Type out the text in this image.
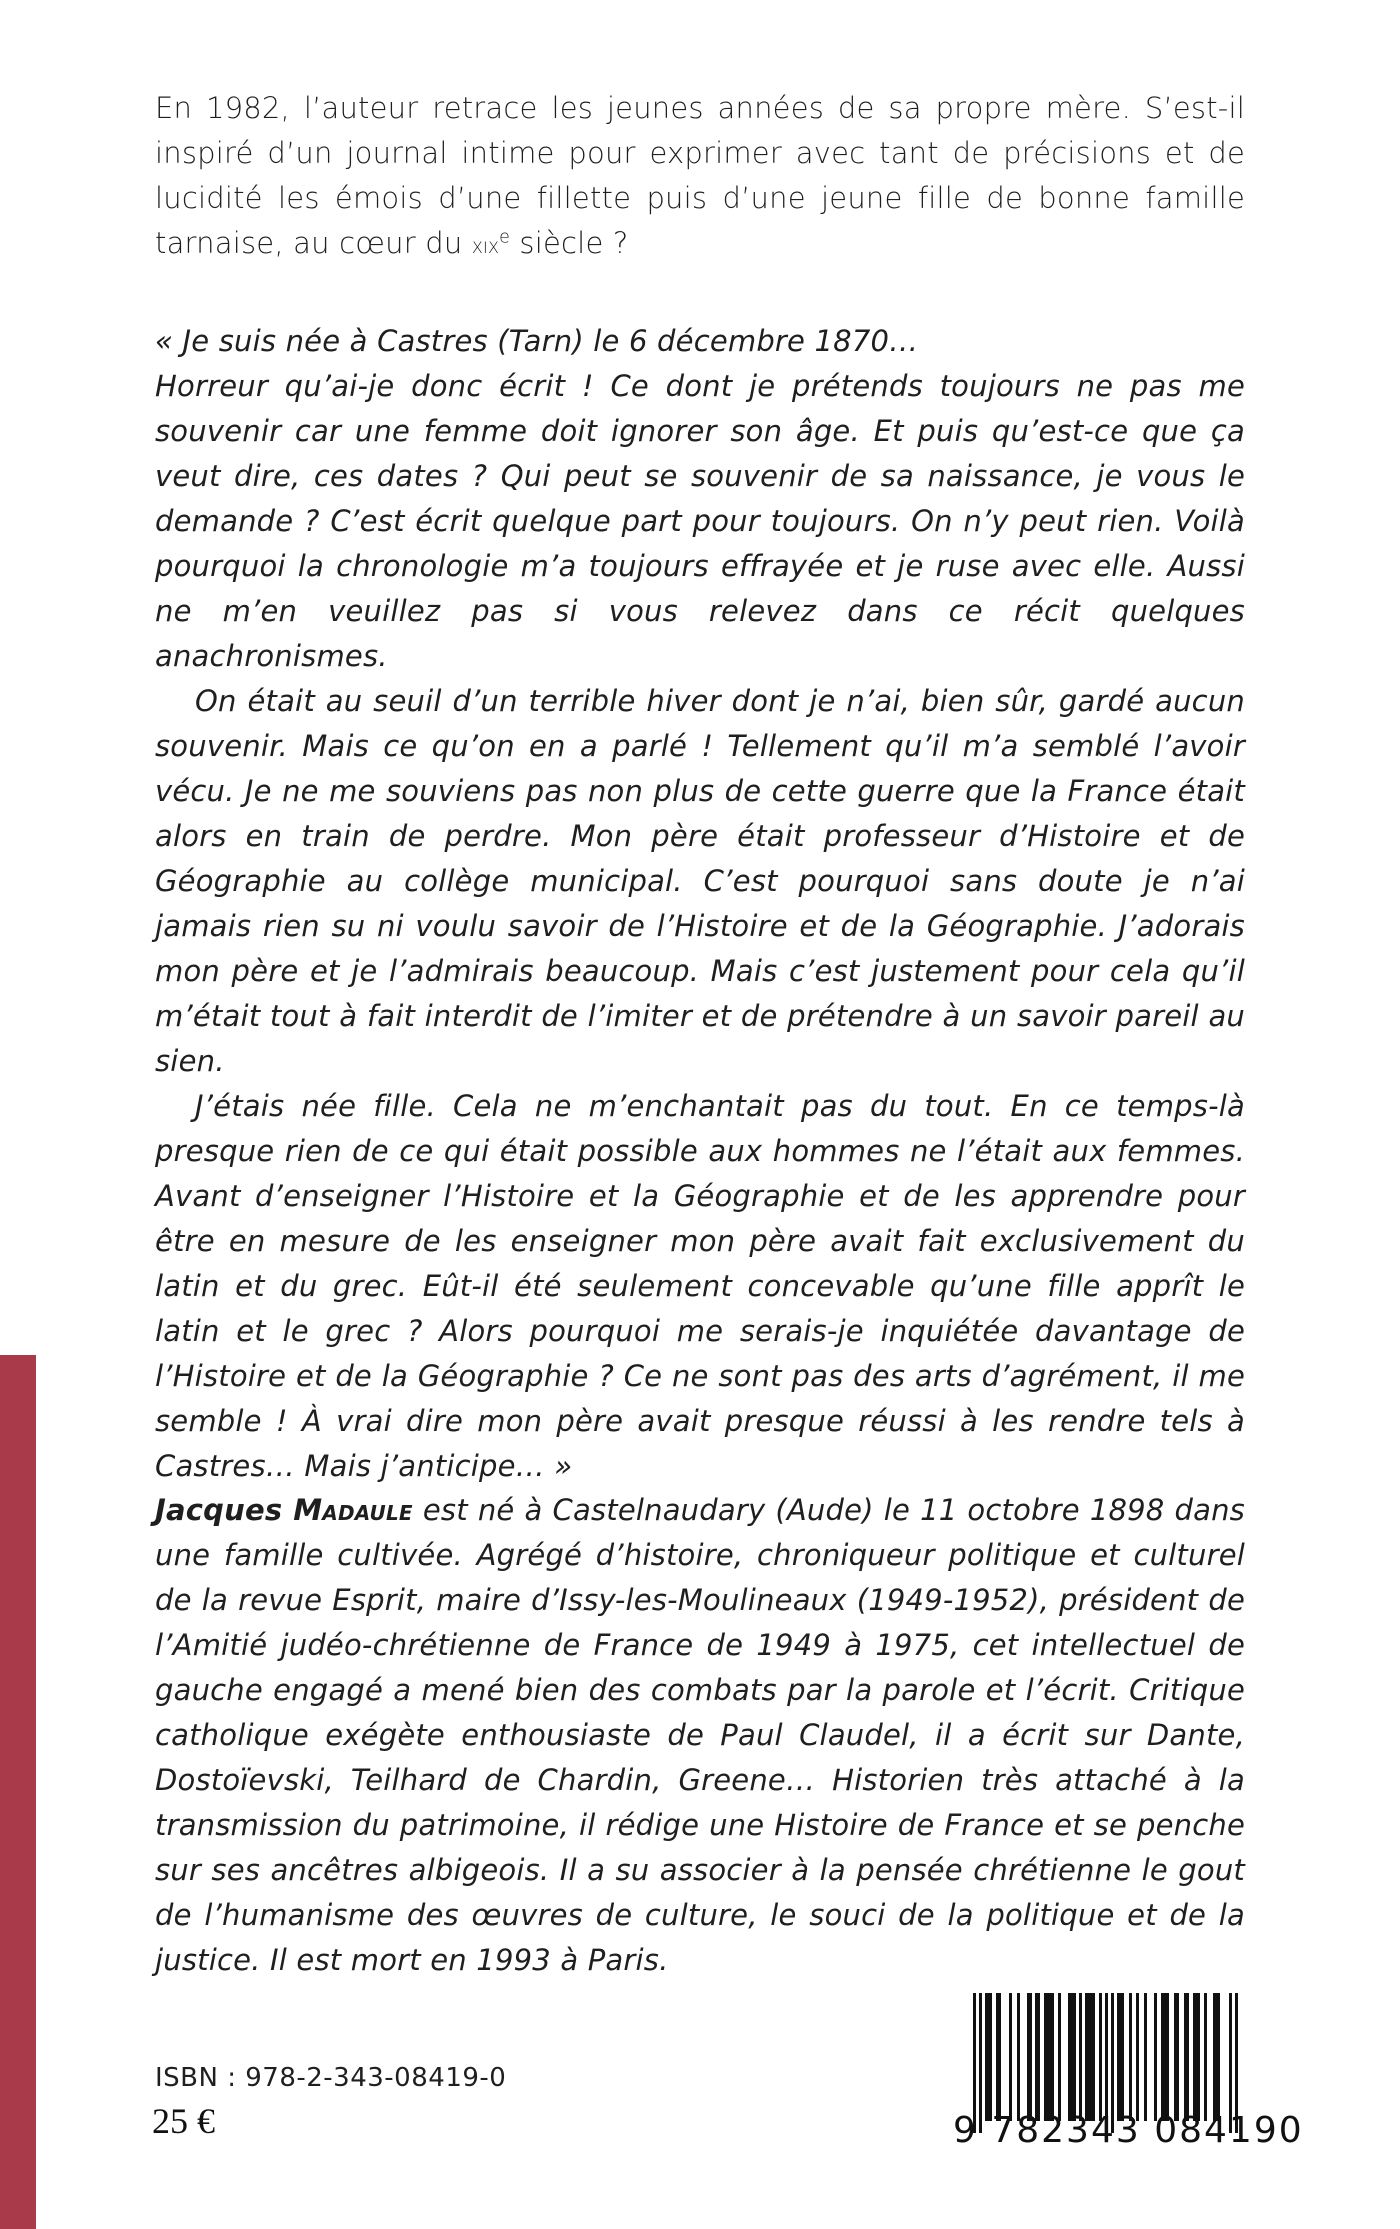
En 1982, l’auteur retrace les jeunes années de sa propre mère. S’est-il inspiré d’un journal intime pour exprimer avec tant de précisions et de lucidité les émois d’une fillette puis d’une jeune fille de bonne famille tarnaise, au cœur du xix$^e$ siècle ?

« Je suis née à Castres (Tarn) le 6 décembre 1870…

Horreur qu’ai-je donc écrit ! Ce dont je prétends toujours ne pas me souvenir car une femme doit ignorer son âge. Et puis qu’est-ce que ça veut dire, ces dates ? Qui peut se souvenir de sa naissance, je vous le demande ? C’est écrit quelque part pour toujours. On n’y peut rien. Voilà pourquoi la chronologie m’a toujours effrayée et je ruse avec elle. Aussi ne m’en veuillez pas si vous relevez dans ce récit quelques anachronismes.

On était au seuil d’un terrible hiver dont je n’ai, bien sûr, gardé aucun souvenir. Mais ce qu’on en a parlé ! Tellement qu’il m’a semblé l’avoir vécu. Je ne me souviens pas non plus de cette guerre que la France était alors en train de perdre. Mon père était professeur d’Histoire et de Géographie au collège municipal. C’est pourquoi sans doute je n’ai jamais rien su ni voulu savoir de l’Histoire et de la Géographie. J’adorais mon père et je l’admirais beaucoup. Mais c’est justement pour cela qu’il m’était tout à fait interdit de l’imiter et de prétendre à un savoir pareil au sien.

J’étais née fille. Cela ne m’enchantait pas du tout. En ce temps-là presque rien de ce qui était possible aux hommes ne l’était aux femmes. Avant d’enseigner l’Histoire et la Géographie et de les apprendre pour être en mesure de les enseigner mon père avait fait exclusivement du latin et du grec. Eût-il été seulement concevable qu’une fille apprît le latin et le grec ? Alors pourquoi me serais-je inquiétée davantage de l’Histoire et de la Géographie ? Ce ne sont pas des arts d’agrément, il me semble ! À vrai dire mon père avait presque réussi à les rendre tels à Castres… Mais j’anticipe… »

Jacques Madaule est né à Castelnaudary (Aude) le 11 octobre 1898 dans une famille cultivée. Agrégé d’histoire, chroniqueur politique et culturel de la revue Esprit, maire d’Issy-les-Moulineaux (1949-1952), président de l’Amitié judéo-chrétienne de France de 1949 à 1975, cet intellectuel de gauche engagé a mené bien des combats par la parole et l’écrit. Critique catholique exégète enthousiaste de Paul Claudel, il a écrit sur Dante, Dostoïevski, Teilhard de Chardin, Greene… Historien très attaché à la transmission du patrimoine, il rédige une Histoire de France et se penche sur ses ancêtres albigeois. Il a su associer à la pensée chrétienne le gout de l’humanisme des œuvres de culture, le souci de la politique et de la justice. Il est mort en 1993 à Paris.

ISBN : 978-2-343-08419-0
25 €	9 782343 084190
